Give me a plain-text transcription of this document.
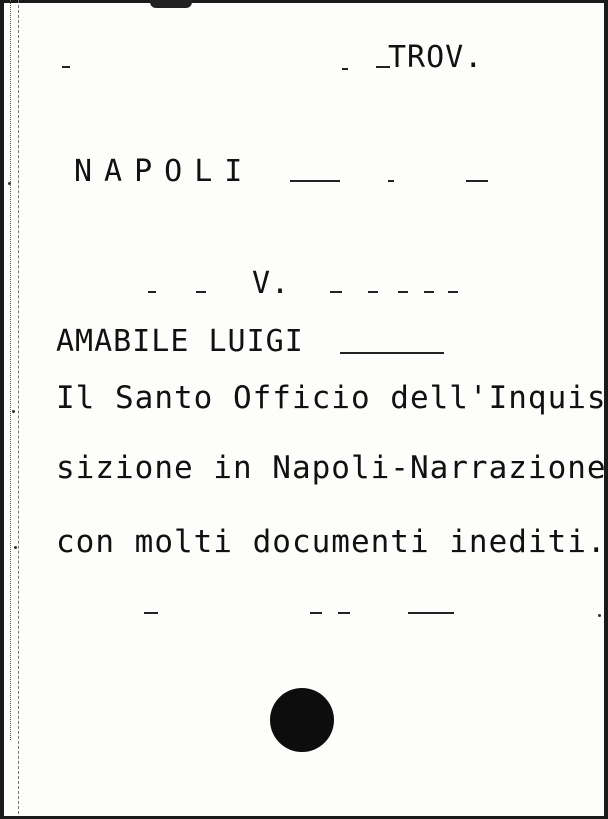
TROV.
NAPOLI
V.
AMABILE LUIGI
Il Santo Officio dell'Inquis
sizione in Napoli-Narrazione
con molti documenti inediti.
